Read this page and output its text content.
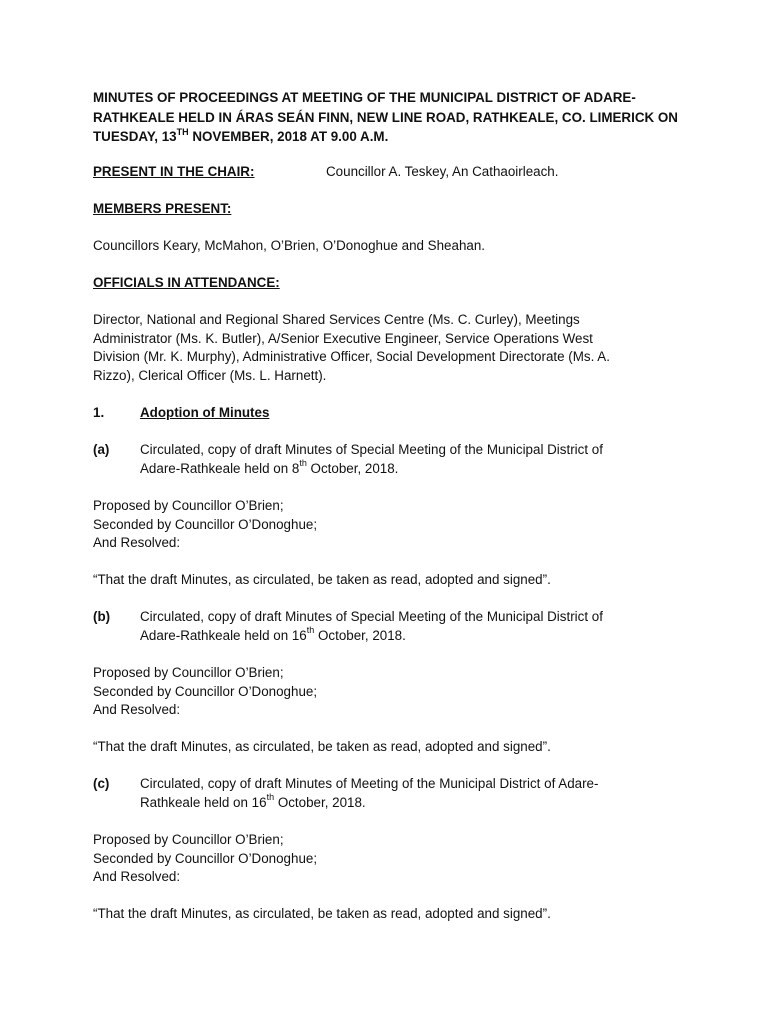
MINUTES OF PROCEEDINGS AT MEETING OF THE MUNICIPAL DISTRICT OF ADARE-

RATHKEALE HELD IN ÁRAS SEÁN FINN, NEW LINE ROAD, RATHKEALE, CO. LIMERICK ON

TUESDAY, 13TH NOVEMBER, 2018 AT 9.00 A.M.

PRESENT IN THE CHAIR:	Councillor A. Teskey, An Cathaoirleach.
MEMBERS PRESENT:
Councillors Keary, McMahon, O’Brien, O’Donoghue and Sheahan.
OFFICIALS IN ATTENDANCE:

Director, National and Regional Shared Services Centre (Ms. C. Curley), Meetings

Administrator (Ms. K. Butler), A/Senior Executive Engineer, Service Operations West

Division (Mr. K. Murphy), Administrative Officer, Social Development Directorate (Ms. A.

Rizzo), Clerical Officer (Ms. L. Harnett).

1.	Adoption of Minutes
(a)	Circulated, copy of draft Minutes of Special Meeting of the Municipal District of

Adare-Rathkeale held on 8th October, 2018.

Proposed by Councillor O’Brien;

Seconded by Councillor O’Donoghue;

And Resolved:

“That the draft Minutes, as circulated, be taken as read, adopted and signed”.
(b)	Circulated, copy of draft Minutes of Special Meeting of the Municipal District of

Adare-Rathkeale held on 16th October, 2018.

Proposed by Councillor O’Brien;

Seconded by Councillor O’Donoghue;

And Resolved:

“That the draft Minutes, as circulated, be taken as read, adopted and signed”.
(c)	Circulated, copy of draft Minutes of Meeting of the Municipal District of Adare-

Rathkeale held on 16th October, 2018.

Proposed by Councillor O’Brien;

Seconded by Councillor O’Donoghue;

And Resolved:

“That the draft Minutes, as circulated, be taken as read, adopted and signed”.
